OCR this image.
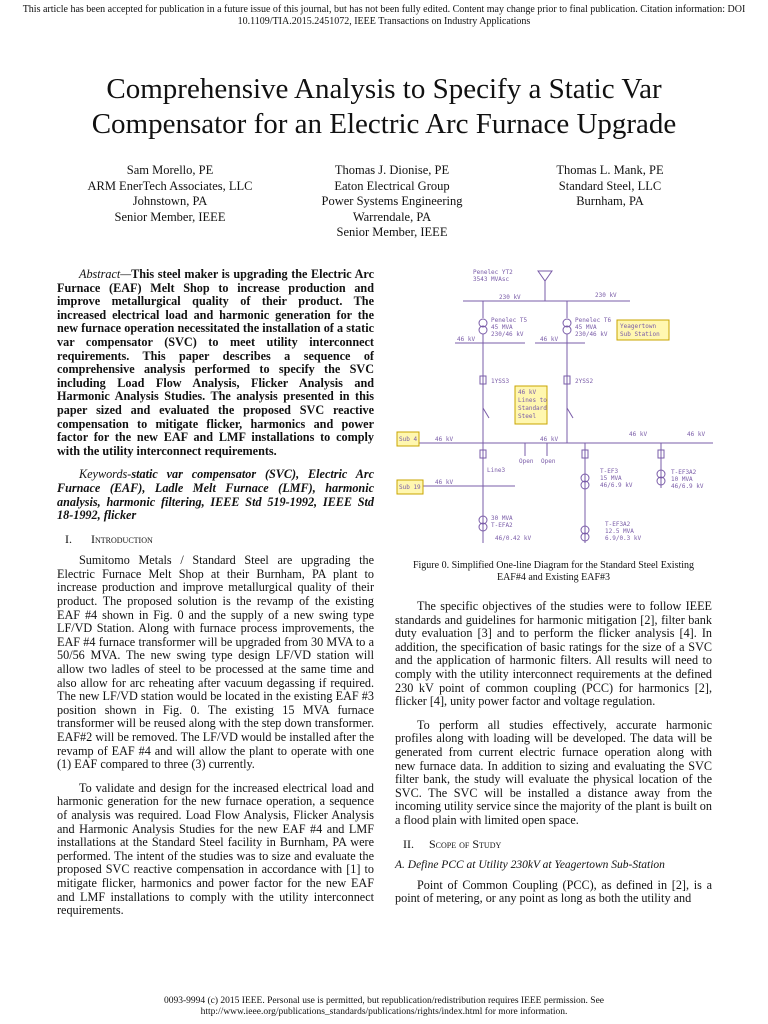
This article has been accepted for publication in a future issue of this journal, but has not been fully edited. Content may change prior to final publication. Citation information: DOI
10.1109/TIA.2015.2451072, IEEE Transactions on Industry Applications
Comprehensive Analysis to Specify a Static Var
Compensator for an Electric Arc Furnace Upgrade
Sam Morello, PE
ARM EnerTech Associates, LLC
Johnstown, PA
Senior Member, IEEE
Thomas J. Dionise, PE
Eaton Electrical Group
Power Systems Engineering
Warrendale, PA
Senior Member, IEEE
Thomas L. Mank, PE
Standard Steel, LLC
Burnham, PA

Abstract—This steel maker is upgrading the Electric Arc Furnace (EAF) Melt Shop to increase production and improve metallurgical quality of their product. The increased electrical load and harmonic generation for the new furnace operation necessitated the installation of a static var compensator (SVC) to meet utility interconnect requirements. This paper describes a sequence of comprehensive analysis performed to specify the SVC including Load Flow Analysis, Flicker Analysis and Harmonic Analysis Studies. The analysis presented in this paper sized and evaluated the proposed SVC reactive compensation to mitigate flicker, harmonics and power factor for the new EAF and LMF installations to comply with the utility interconnect requirements.

Keywords-static var compensator (SVC), Electric Arc Furnace (EAF), Ladle Melt Furnace (LMF), harmonic analysis, harmonic filtering, IEEE Std 519-1992, IEEE Std 18-1992, flicker

I. Introduction

Sumitomo Metals / Standard Steel are upgrading the Electric Furnace Melt Shop at their Burnham, PA plant to increase production and improve metallurgical quality of their product. The proposed solution is the revamp of the existing EAF #4 shown in Fig. 0 and the supply of a new swing type LF/VD Station. Along with furnace process improvements, the EAF #4 furnace transformer will be upgraded from 30 MVA to a 50/56 MVA. The new swing type design LF/VD station will allow two ladles of steel to be processed at the same time and also allow for arc reheating after vacuum degassing if required. The new LF/VD station would be located in the existing EAF #3 position shown in Fig. 0. The existing 15 MVA furnace transformer will be reused along with the step down transformer. EAF#2 will be removed. The LF/VD would be installed after the revamp of EAF #4 and will allow the plant to operate with one (1) EAF compared to three (3) currently.

To validate and design for the increased electrical load and harmonic generation for the new furnace operation, a sequence of analysis was required. Load Flow Analysis, Flicker Analysis and Harmonic Analysis Studies for the new EAF #4 and LMF installations at the Standard Steel facility in Burnham, PA were performed. The intent of the studies was to size and evaluate the proposed SVC reactive compensation in accordance with [1] to mitigate flicker, harmonics and power factor for the new EAF and LMF installations to comply with the utility interconnect requirements.

Penelec YT2
3543 MVAsc
230 kV	230 kV
Penelec T5
45 MVA
230/46 kV
Penelec T6
45 MVA
230/46 kV
Yeagertown
Sub Station
46 kV	46 kV
1YSS3	2YSS2
46 kV
Lines to
Standard
Steel
Sub 4	46 kV	46 kV
46 kV	46 kV
Open Open
Line3
Sub 19
46 kV
T-EF3
15 MVA
46/6.9 kV
T-EF3A2
10 MVA
46/6.9 kV
30 MVA
T-EFA2
46/0.42 kV
T-EF3A2
12.5 MVA
6.9/0.3 kV
Figure 0. Simplified One-line Diagram for the Standard Steel Existing
EAF#4 and Existing EAF#3

The specific objectives of the studies were to follow IEEE standards and guidelines for harmonic mitigation [2], filter bank duty evaluation [3] and to perform the flicker analysis [4]. In addition, the specification of basic ratings for the size of a SVC and the application of harmonic filters. All results will need to comply with the utility interconnect requirements at the defined 230 kV point of common coupling (PCC) for harmonics [2], flicker [4], unity power factor and voltage regulation.

To perform all studies effectively, accurate harmonic profiles along with loading will be developed. The data will be generated from current electric furnace operation along with new furnace data. In addition to sizing and evaluating the SVC filter bank, the study will evaluate the physical location of the SVC. The SVC will be installed a distance away from the incoming utility service since the majority of the plant is built on a flood plain with limited open space.

II. Scope of Study
A. Define PCC at Utility 230kV at Yeagertown Sub-Station

Point of Common Coupling (PCC), as defined in [2], is a point of metering, or any point as long as both the utility and

0093-9994 (c) 2015 IEEE. Personal use is permitted, but republication/redistribution requires IEEE permission. See
http://www.ieee.org/publications_standards/publications/rights/index.html for more information.
